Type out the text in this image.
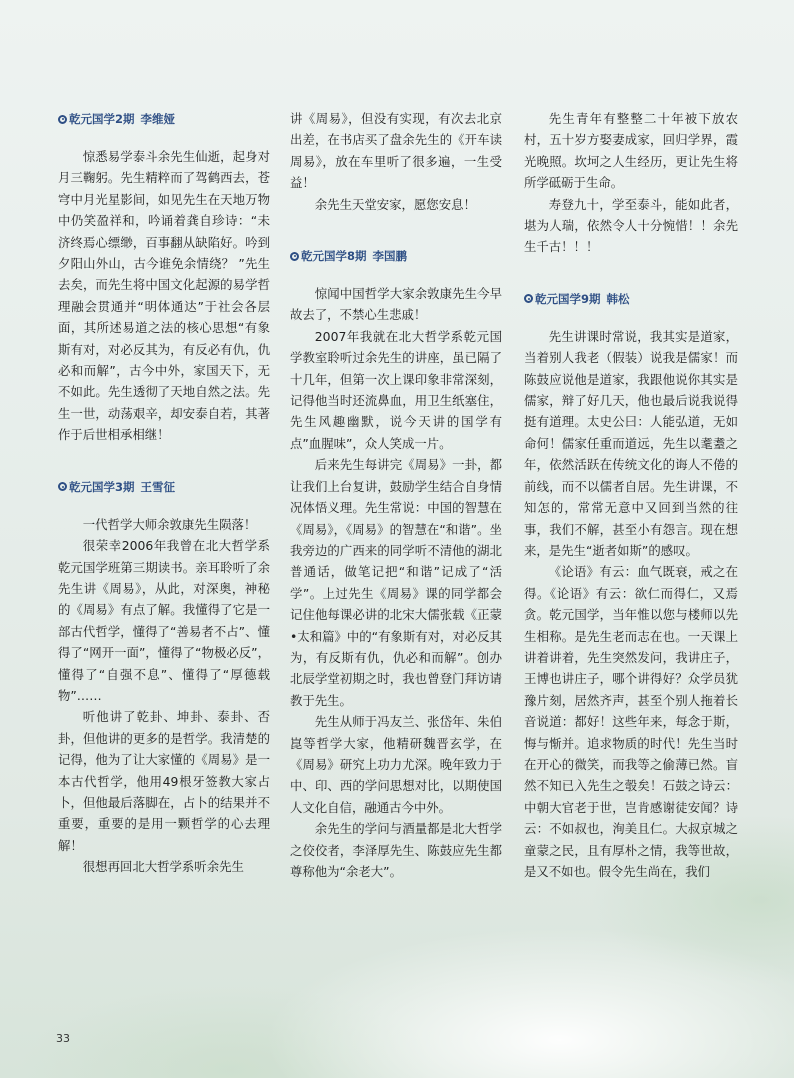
乾元国学2期 李维娅

惊悉易学泰斗余先生仙逝，起身对月三鞠躬。先生精粹而了驾鹤西去，苍穹中月光星影间，如见先生在天地万物中仍笑盈祥和，吟诵着龚自珍诗：“未济终焉心缥缈，百事翻从缺陷好。吟到夕阳山外山，古今谁免余情绕？ ”先生去矣，而先生将中国文化起源的易学哲理融会贯通并“明体通达”于社会各层面，其所述易道之法的核心思想“有象斯有对，对必反其为，有反必有仇，仇必和而解”，古今中外，家国天下，无不如此。先生透彻了天地自然之法。先生一世，动荡艰辛，却安泰自若，其著作于后世相承相继！

乾元国学3期 王雪征

一代哲学大师余敦康先生陨落！

很荣幸2006年我曾在北大哲学系乾元国学班第三期读书。亲耳聆听了余先生讲《周易》，从此，对深奥，神秘的《周易》有点了解。我懂得了它是一部古代哲学，懂得了“善易者不占”、懂得了“网开一面”，懂得了“物极必反”，懂得了“自强不息”、懂得了“厚德载物”……

听他讲了乾卦、坤卦、泰卦、否卦，但他讲的更多的是哲学。我清楚的记得，他为了让大家懂的《周易》是一本古代哲学，他用49根牙签教大家占卜，但他最后落脚在，占卜的结果并不重要，重要的是用一颗哲学的心去理解！

很想再回北大哲学系听余先生

讲《周易》，但没有实现，有次去北京出差，在书店买了盘余先生的《开车读周易》，放在车里听了很多遍，一生受益！

余先生天堂安家，愿您安息！

乾元国学8期 李国鹏

惊闻中国哲学大家余敦康先生今早故去了，不禁心生悲戚！

2007年我就在北大哲学系乾元国学教室聆听过余先生的讲座，虽已隔了十几年，但第一次上课印象非常深刻，记得他当时还流鼻血，用卫生纸塞住，先生风趣幽默，说今天讲的国学有点”血腥味”，众人笑成一片。

后来先生每讲完《周易》一卦，都让我们上台复讲，鼓励学生结合自身情况体悟义理。先生常说：中国的智慧在《周易》，《周易》的智慧在“和谐”。坐我旁边的广西来的同学听不清他的湖北普通话，做笔记把“和谐”记成了“活学”。上过先生《周易》课的同学都会记住他每课必讲的北宋大儒张载《正蒙•太和篇》中的“有象斯有对，对必反其为，有反斯有仇，仇必和而解”。创办北辰学堂初期之时，我也曾登门拜访请教于先生。

先生从师于冯友兰、张岱年、朱伯崑等哲学大家，他精研魏晋玄学，在《周易》研究上功力尤深。晚年致力于中、印、西的学问思想对比，以期使国人文化自信，融通古今中外。

余先生的学问与酒量都是北大哲学之佼佼者，李泽厚先生、陈鼓应先生都尊称他为“余老大”。

先生青年有整整二十年被下放农村，五十岁方娶妻成家，回归学界，霞光晚照。坎坷之人生经历，更让先生将所学砥砺于生命。

寿登九十，学至泰斗，能如此者，堪为人瑞，依然令人十分惋惜！！余先生千古！！！

乾元国学9期 韩松

先生讲课时常说，我其实是道家，当着别人我老（假装）说我是儒家！而陈鼓应说他是道家，我跟他说你其实是儒家，辩了好几天，他也最后说我说得挺有道理。太史公曰：人能弘道，无如命何！儒家任重而道远，先生以耄耋之年，依然活跃在传统文化的诲人不倦的前线，而不以儒者自居。先生讲课，不知怎的，常常无意中又回到当然的往事，我们不解，甚至小有怨言。现在想来，是先生“逝者如斯”的感叹。

《论语》有云：血气既衰，戒之在得。《论语》有云：欲仁而得仁，又焉贪。乾元国学，当年惟以您与楼师以先生相称。是先生老而志在也。一天课上讲着讲着，先生突然发问，我讲庄子，王博也讲庄子，哪个讲得好？众学员犹豫片刻，居然齐声，甚至个别人拖着长音说道：都好！这些年来，每念于斯，悔与惭并。追求物质的时代！先生当时在开心的微笑，而我等之偷薄已然。盲然不知已入先生之彀矣！石鼓之诗云：中朝大官老于世，岂肯感谢徒安闻？诗云：不如叔也，洵美且仁。大叔京城之童蒙之民，且有厚朴之情，我等世故，是又不如也。假令先生尚在，我们

33
